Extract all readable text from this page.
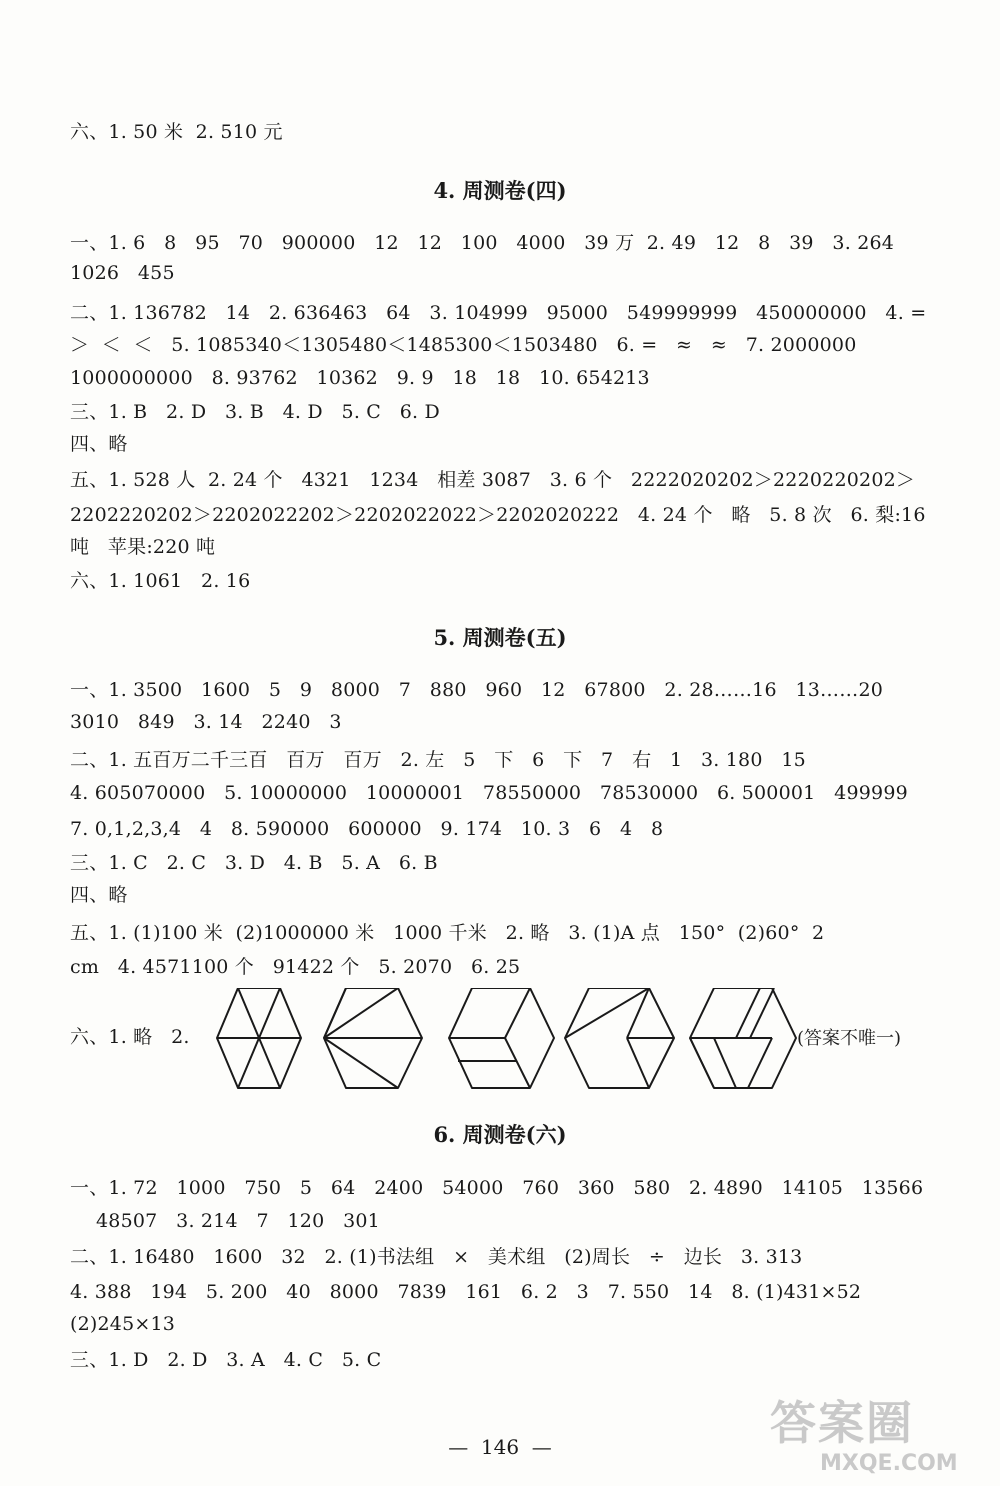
六、1. 50 米  2. 510 元
一、1. 6   8   95   70   900000   12   12   100   4000   39 万  2. 49   12   8   39   3. 264
1026   455
二、1. 136782   14   2. 636463   64   3. 104999   95000   549999999   450000000   4. =
＞  ＜  ＜   5. 1085340＜1305480＜1485300＜1503480   6. =   ≈   ≈   7. 2000000
1000000000   8. 93762   10362   9. 9   18   18   10. 654213
三、1. B   2. D   3. B   4. D   5. C   6. D
四、略
五、1. 528 人  2. 24 个   4321   1234   相差 3087   3. 6 个   2222020202＞2220220202＞
2202220202＞2202022202＞2202022022＞2202020222   4. 24 个   略   5. 8 次   6. 梨:16
吨   苹果:220 吨
六、1. 1061   2. 16
一、1. 3500   1600   5   9   8000   7   880   960   12   67800   2. 28……16   13……20
3010   849   3. 14   2240   3
二、1. 五百万二千三百   百万   百万   2. 左   5   下   6   下   7   右   1   3. 180   15
4. 605070000   5. 10000000   10000001   78550000   78530000   6. 500001   499999
7. 0,1,2,3,4   4   8. 590000   600000   9. 174   10. 3   6   4   8
三、1. C   2. C   3. D   4. B   5. A   6. B
四、略
五、1. (1)100 米  (2)1000000 米   1000 千米   2. 略   3. (1)A 点   150°  (2)60°  2
cm   4. 4571100 个   91422 个   5. 2070   6. 25
六、1. 略   2.
一、1. 72   1000   750   5   64   2400   54000   760   360   580   2. 4890   14105   13566
48507   3. 214   7   120   301
二、1. 16480   1600   32   2. (1)书法组   ×   美术组   (2)周长   ÷   边长   3. 313
4. 388   194   5. 200   40   8000   7839   161   6. 2   3   7. 550   14   8. (1)431×52
(2)245×13
三、1. D   2. D   3. A   4. C   5. C
4. 周测卷(四)
5. 周测卷(五)
6. 周测卷(六)
(答案不唯一)
—  146  —	答案圈
MXQE.COM
